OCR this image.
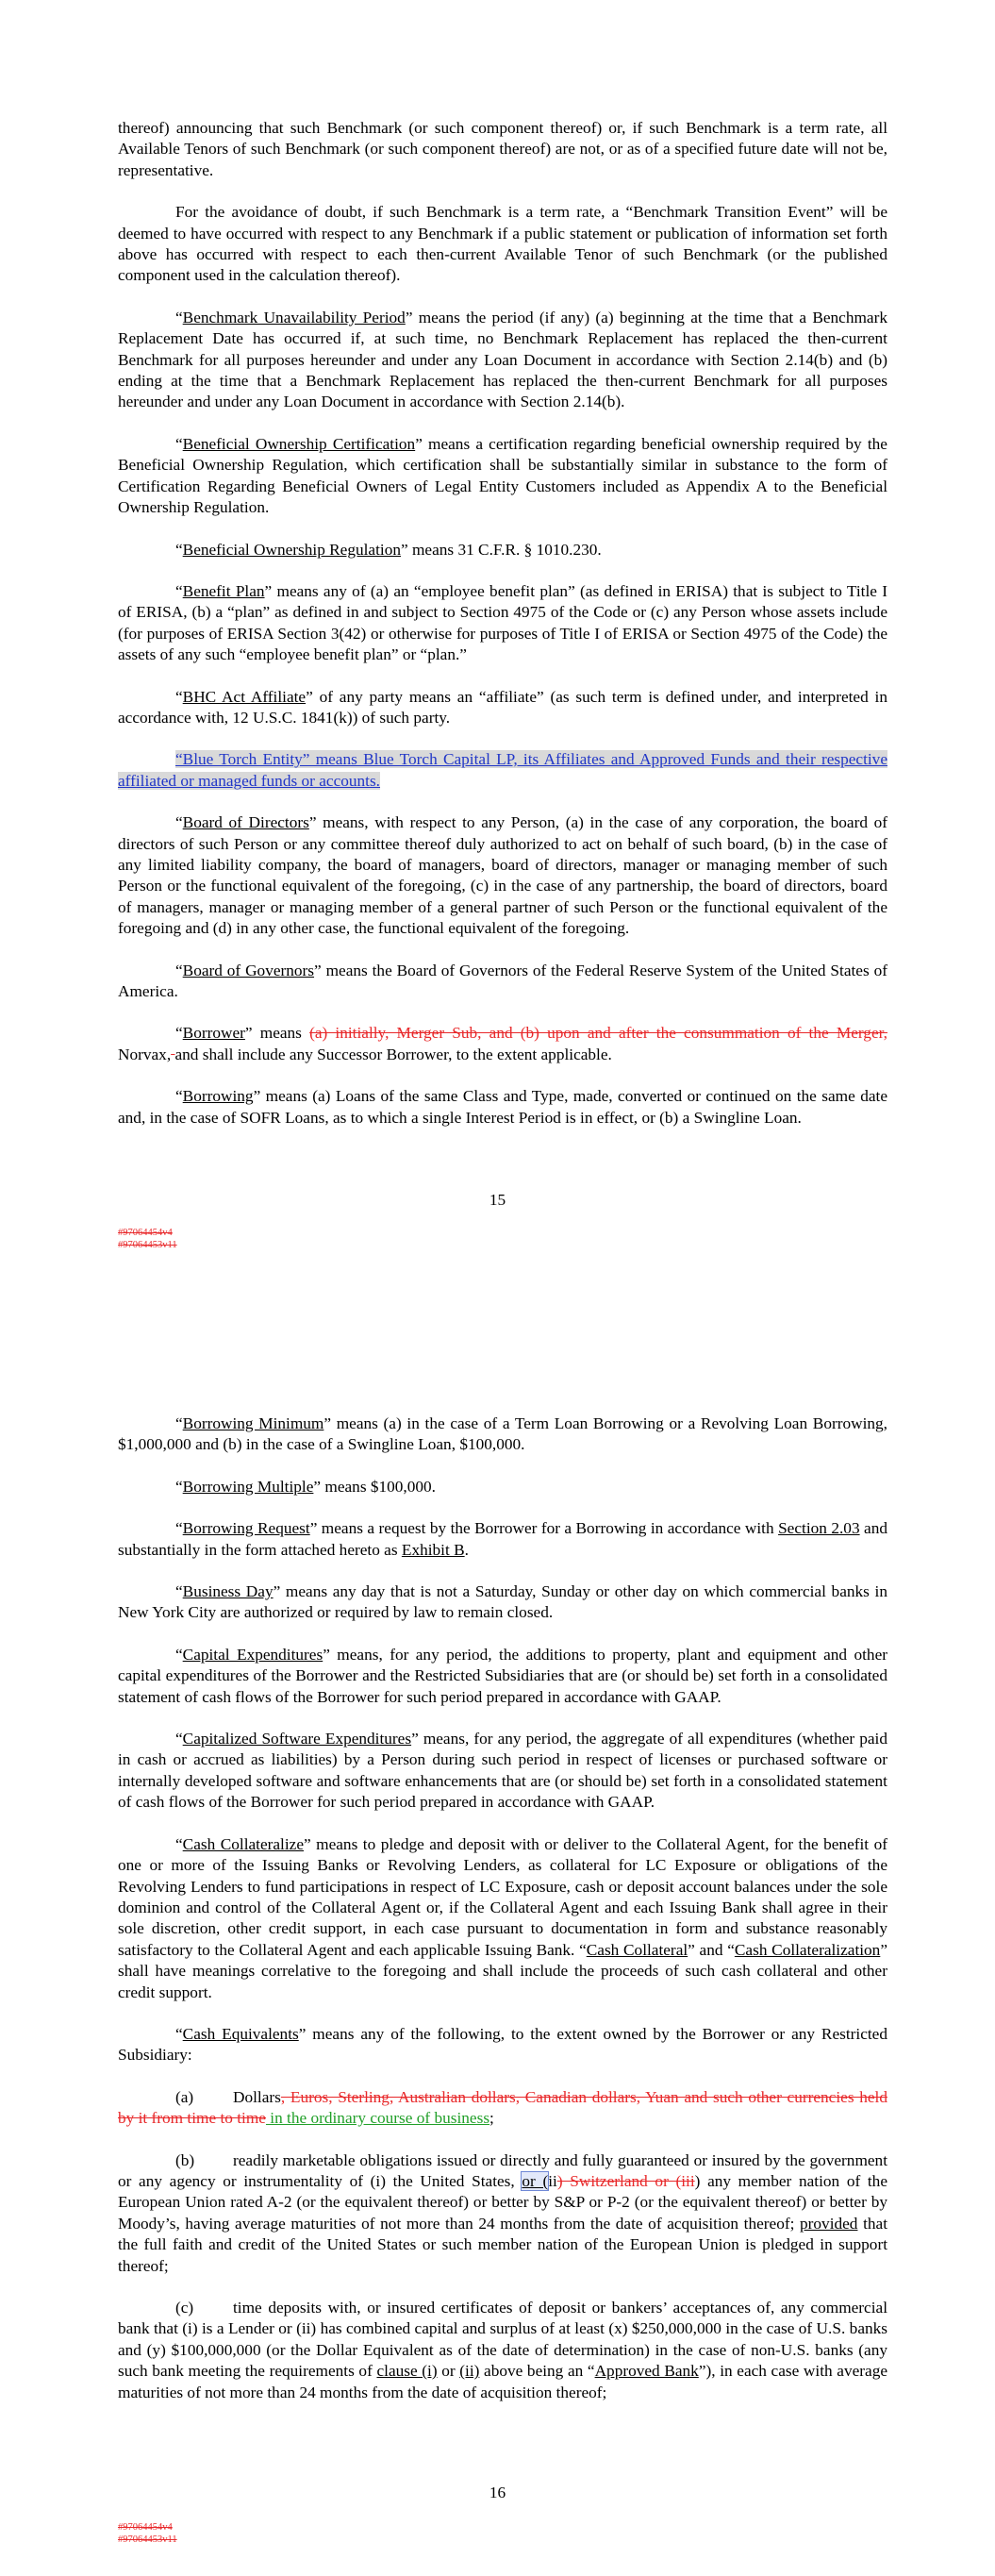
thereof) announcing that such Benchmark (or such component thereof) or, if such Benchmark is a term rate, all Available Tenors of such Benchmark (or such component thereof) are not, or as of a specified future date will not be, representative.

For the avoidance of doubt, if such Benchmark is a term rate, a “Benchmark Transition Event” will be deemed to have occurred with respect to any Benchmark if a public statement or publication of information set forth above has occurred with respect to each then-current Available Tenor of such Benchmark (or the published component used in the calculation thereof).

“Benchmark Unavailability Period” means the period (if any) (a) beginning at the time that a Benchmark Replacement Date has occurred if, at such time, no Benchmark Replacement has replaced the then-current Benchmark for all purposes hereunder and under any Loan Document in accordance with Section 2.14(b) and (b) ending at the time that a Benchmark Replacement has replaced the then-current Benchmark for all purposes hereunder and under any Loan Document in accordance with Section 2.14(b).

“Beneficial Ownership Certification” means a certification regarding beneficial ownership required by the Beneficial Ownership Regulation, which certification shall be substantially similar in substance to the form of Certification Regarding Beneficial Owners of Legal Entity Customers included as Appendix A to the Beneficial Ownership Regulation.

“Beneficial Ownership Regulation” means 31 C.F.R. § 1010.230.

“Benefit Plan” means any of (a) an “employee benefit plan” (as defined in ERISA) that is subject to Title I of ERISA, (b) a “plan” as defined in and subject to Section 4975 of the Code or (c) any Person whose assets include (for purposes of ERISA Section 3(42) or otherwise for purposes of Title I of ERISA or Section 4975 of the Code) the assets of any such “employee benefit plan” or “plan.”

“BHC Act Affiliate” of any party means an “affiliate” (as such term is defined under, and interpreted in accordance with, 12 U.S.C. 1841(k)) of such party.

“Blue Torch Entity” means Blue Torch Capital LP, its Affiliates and Approved Funds and their respective affiliated or managed funds or accounts.

“Board of Directors” means, with respect to any Person, (a) in the case of any corporation, the board of directors of such Person or any committee thereof duly authorized to act on behalf of such board, (b) in the case of any limited liability company, the board of managers, board of directors, manager or managing member of such Person or the functional equivalent of the foregoing, (c) in the case of any partnership, the board of directors, board of managers, manager or managing member of a general partner of such Person or the functional equivalent of the foregoing and (d) in any other case, the functional equivalent of the foregoing.

“Board of Governors” means the Board of Governors of the Federal Reserve System of the United States of America.

“Borrower” means (a) initially, Merger Sub, and (b) upon and after the consummation of the Merger, Norvax, and shall include any Successor Borrower, to the extent applicable.

“Borrowing” means (a) Loans of the same Class and Type, made, converted or continued on the same date and, in the case of SOFR Loans, as to which a single Interest Period is in effect, or (b) a Swingline Loan.

15
#97064454v4
#97064453v11

“Borrowing Minimum” means (a) in the case of a Term Loan Borrowing or a Revolving Loan Borrowing, $1,000,000 and (b) in the case of a Swingline Loan, $100,000.

“Borrowing Multiple” means $100,000.

“Borrowing Request” means a request by the Borrower for a Borrowing in accordance with Section 2.03 and substantially in the form attached hereto as Exhibit B.

“Business Day” means any day that is not a Saturday, Sunday or other day on which commercial banks in New York City are authorized or required by law to remain closed.

“Capital Expenditures” means, for any period, the additions to property, plant and equipment and other capital expenditures of the Borrower and the Restricted Subsidiaries that are (or should be) set forth in a consolidated statement of cash flows of the Borrower for such period prepared in accordance with GAAP.

“Capitalized Software Expenditures” means, for any period, the aggregate of all expenditures (whether paid in cash or accrued as liabilities) by a Person during such period in respect of licenses or purchased software or internally developed software and software enhancements that are (or should be) set forth in a consolidated statement of cash flows of the Borrower for such period prepared in accordance with GAAP.

“Cash Collateralize” means to pledge and deposit with or deliver to the Collateral Agent, for the benefit of one or more of the Issuing Banks or Revolving Lenders, as collateral for LC Exposure or obligations of the Revolving Lenders to fund participations in respect of LC Exposure, cash or deposit account balances under the sole dominion and control of the Collateral Agent or, if the Collateral Agent and each Issuing Bank shall agree in their sole discretion, other credit support, in each case pursuant to documentation in form and substance reasonably satisfactory to the Collateral Agent and each applicable Issuing Bank. “Cash Collateral” and “Cash Collateralization” shall have meanings correlative to the foregoing and shall include the proceeds of such cash collateral and other credit support.

“Cash Equivalents” means any of the following, to the extent owned by the Borrower or any Restricted Subsidiary:

(a) Dollars, Euros, Sterling, Australian dollars, Canadian dollars, Yuan and such other currencies held by it from time to time in the ordinary course of business;

(b) readily marketable obligations issued or directly and fully guaranteed or insured by the government or any agency or instrumentality of (i) the United States, or (ii) Switzerland or (iii) any member nation of the European Union rated A-2 (or the equivalent thereof) or better by S&P or P-2 (or the equivalent thereof) or better by Moody’s, having average maturities of not more than 24 months from the date of acquisition thereof; provided that the full faith and credit of the United States or such member nation of the European Union is pledged in support thereof;

(c) time deposits with, or insured certificates of deposit or bankers’ acceptances of, any commercial bank that (i) is a Lender or (ii) has combined capital and surplus of at least (x) $250,000,000 in the case of U.S. banks and (y) $100,000,000 (or the Dollar Equivalent as of the date of determination) in the case of non-U.S. banks (any such bank meeting the requirements of clause (i) or (ii) above being an “Approved Bank”), in each case with average maturities of not more than 24 months from the date of acquisition thereof;

16
#97064454v4
#97064453v11
